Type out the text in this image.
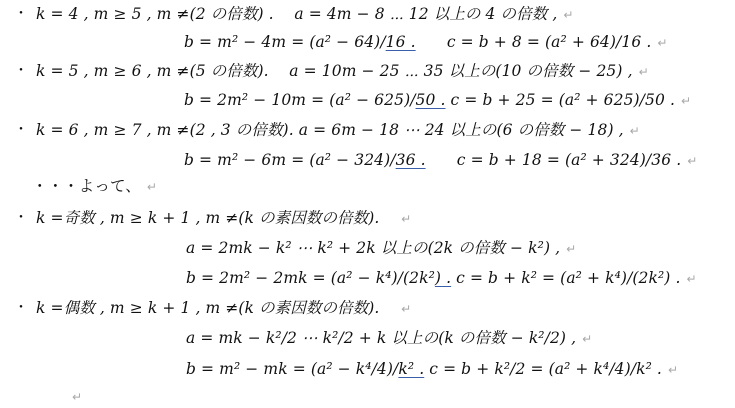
・ k = 4 , m ≥ 5 , m ≠(2 の倍数) .　 a = 4m − 8 ⋯ 12 以上の 4 の倍数 , ↵
b = m² − 4m = (a² − 64)/16 .　　c = b + 8 = (a² + 64)/16 . ↵
・ k = 5 , m ≥ 6 , m ≠(5 の倍数).　 a = 10m − 25 ⋯ 35 以上の(10 の倍数 − 25) , ↵
b = 2m² − 10m = (a² − 625)/50 . c = b + 25 = (a² + 625)/50 . ↵
・ k = 6 , m ≥ 7 , m ≠(2 , 3 の倍数). a = 6m − 18 ⋯ 24 以上の(6 の倍数 − 18) , ↵
b = m² − 6m = (a² − 324)/36 .　　c = b + 18 = (a² + 324)/36 . ↵
・・・よって、 ↵
・ k =奇数 , m ≥ k + 1 , m ≠(k の素因数の倍数).　↵
a = 2mk − k² ⋯ k² + 2k 以上の(2k の倍数 − k²) , ↵
b = 2m² − 2mk = (a² − k⁴)/(2k²) . c = b + k² = (a² + k⁴)/(2k²) . ↵
・ k =偶数 , m ≥ k + 1 , m ≠(k の素因数の倍数).　↵
a = mk − k²/2 ⋯ k²/2 + k 以上の(k の倍数 − k²/2) , ↵
b = m² − mk = (a² − k⁴/4)/k² . c = b + k²/2 = (a² + k⁴/4)/k² . ↵
↵
